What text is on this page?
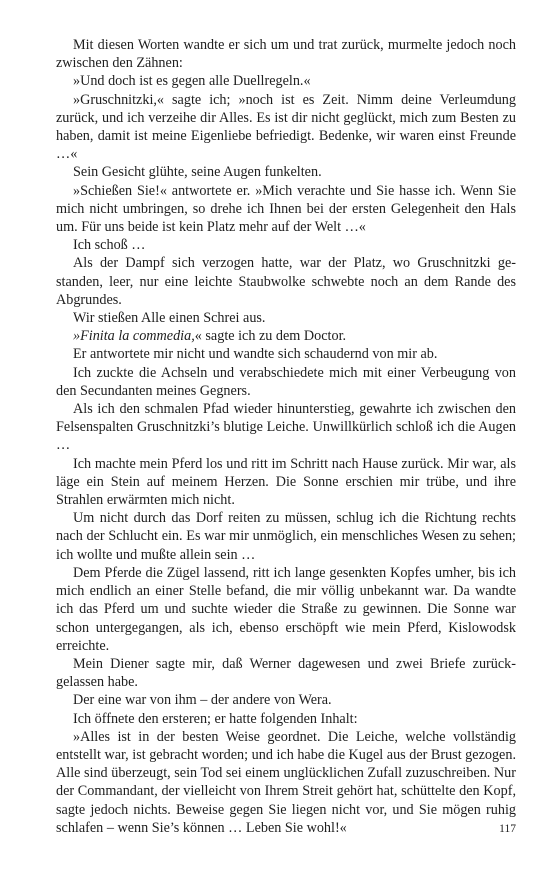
Mit diesen Worten wandte er sich um und trat zurück, murmelte jedoch noch zwischen den Zähnen:

»Und doch ist es gegen alle Duellregeln.«

»Gruschnitzki,« sagte ich; »noch ist es Zeit. Nimm deine Verleumdung zurück, und ich verzeihe dir Alles. Es ist dir nicht geglückt, mich zum Besten zu haben, damit ist meine Eigenliebe befriedigt. Bedenke, wir waren einst Freunde …«

Sein Gesicht glühte, seine Augen funkelten.

»Schießen Sie!« antwortete er. »Mich verachte und Sie hasse ich. Wenn Sie mich nicht umbringen, so drehe ich Ihnen bei der ersten Gelegenheit den Hals um. Für uns beide ist kein Platz mehr auf der Welt …«

Ich schoß …

Als der Dampf sich verzogen hatte, war der Platz, wo Gruschnitzki gestanden, leer, nur eine leichte Staubwolke schwebte noch an dem Rande des Abgrundes.

Wir stießen Alle einen Schrei aus.

»Finita la commedia,« sagte ich zu dem Doctor.

Er antwortete mir nicht und wandte sich schaudernd von mir ab.

Ich zuckte die Achseln und verabschiedete mich mit einer Verbeugung von den Secundanten meines Gegners.

Als ich den schmalen Pfad wieder hinunterstieg, gewahrte ich zwischen den Felsenspalten Gruschnitzki’s blutige Leiche. Unwillkürlich schloß ich die Augen …

Ich machte mein Pferd los und ritt im Schritt nach Hause zurück. Mir war, als läge ein Stein auf meinem Herzen. Die Sonne erschien mir trübe, und ihre Strahlen erwärmten mich nicht.

Um nicht durch das Dorf reiten zu müssen, schlug ich die Richtung rechts nach der Schlucht ein. Es war mir unmöglich, ein menschliches Wesen zu sehen; ich wollte und mußte allein sein …

Dem Pferde die Zügel lassend, ritt ich lange gesenkten Kopfes umher, bis ich mich endlich an einer Stelle befand, die mir völlig unbekannt war. Da wandte ich das Pferd um und suchte wieder die Straße zu gewinnen. Die Sonne war schon untergegangen, als ich, ebenso erschöpft wie mein Pferd, Kislowodsk erreichte.

Mein Diener sagte mir, daß Werner dagewesen und zwei Briefe zurückgelassen habe.

Der eine war von ihm – der andere von Wera.

Ich öffnete den ersteren; er hatte folgenden Inhalt:

»Alles ist in der besten Weise geordnet. Die Leiche, welche vollständig entstellt war, ist gebracht worden; und ich habe die Kugel aus der Brust gezogen. Alle sind überzeugt, sein Tod sei einem unglücklichen Zufall zuzuschreiben. Nur der Commandant, der vielleicht von Ihrem Streit gehört hat, schüttelte den Kopf, sagte jedoch nichts. Beweise gegen Sie liegen nicht vor, und Sie mögen ruhig schlafen – wenn Sie’s können … Leben Sie wohl!«	117
